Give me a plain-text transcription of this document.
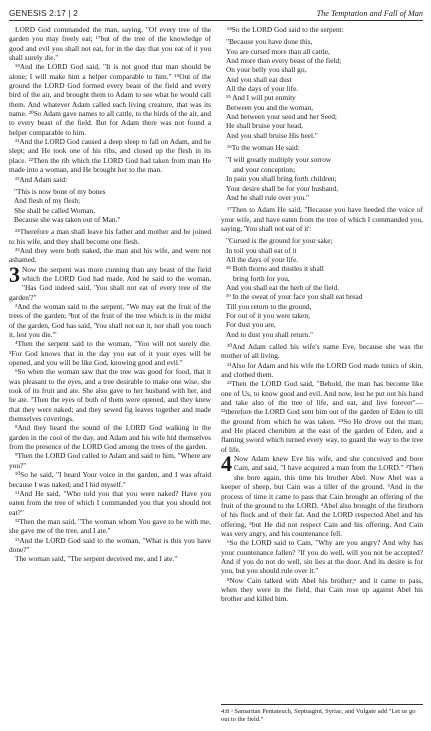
GENESIS 2:17 | 2	The Temptation and Fall of Man

LORD God commanded the man, saying, "Of every tree of the garden you may freely eat; ¹⁷but of the tree of the knowledge of good and evil you shall not eat, for in the day that you eat of it you shall surely die."

¹⁸And the LORD God said, "It is not good that man should be alone; I will make him a helper comparable to him." ¹⁹Out of the ground the LORD God formed every beast of the field and every bird of the air, and brought them to Adam to see what he would call them. And whatever Adam called each living creature, that was its name. ²⁰So Adam gave names to all cattle, to the birds of the air, and to every beast of the field. But for Adam there was not found a helper comparable to him.

²¹And the LORD God caused a deep sleep to fall on Adam, and he slept; and He took one of his ribs, and closed up the flesh in its place. ²²Then the rib which the LORD God had taken from man He made into a woman, and He brought her to the man.

²³And Adam said:

"This is now bone of my bones
And flesh of my flesh;
She shall be called Woman,
Because she was taken out of Man."

²⁴Therefore a man shall leave his father and mother and be joined to his wife, and they shall become one flesh.

²⁵And they were both naked, the man and his wife, and were not ashamed.

3 Now the serpent was more cunning than any beast of the field which the LORD God had made. And he said to the woman, "Has God indeed said, 'You shall not eat of every tree of the garden'?"

²And the woman said to the serpent, "We may eat the fruit of the trees of the garden; ³but of the fruit of the tree which is in the midst of the garden, God has said, 'You shall not eat it, nor shall you touch it, lest you die.'"

⁴Then the serpent said to the woman, "You will not surely die. ⁵For God knows that in the day you eat of it your eyes will be opened, and you will be like God, knowing good and evil."

⁶So when the woman saw that the tree was good for food, that it was pleasant to the eyes, and a tree desirable to make one wise, she took of its fruit and ate. She also gave to her husband with her, and he ate. ⁷Then the eyes of both of them were opened, and they knew that they were naked; and they sewed fig leaves together and made themselves coverings.

⁸And they heard the sound of the LORD God walking in the garden in the cool of the day, and Adam and his wife hid themselves from the presence of the LORD God among the trees of the garden.

⁹Then the LORD God called to Adam and said to him, "Where are you?"

¹⁰So he said, "I heard Your voice in the garden, and I was afraid because I was naked; and I hid myself."

¹¹And He said, "Who told you that you were naked? Have you eaten from the tree of which I commanded you that you should not eat?"

¹²Then the man said, "The woman whom You gave to be with me, she gave me of the tree, and I ate."

¹³And the LORD God said to the woman, "What is this you have done?"

The woman said, "The serpent deceived me, and I ate."

¹⁴So the LORD God said to the serpent:

"Because you have done this,
You are cursed more than all cattle,
And more than every beast of the field;
On your belly you shall go,
And you shall eat dust
All the days of your life.
¹⁵ And I will put enmity
Between you and the woman,
And between your seed and her Seed;
He shall bruise your head,
And you shall bruise His heel."

¹⁶To the woman He said:

"I will greatly multiply your sorrow
and your conception;
In pain you shall bring forth children;
Your desire shall be for your husband,
And he shall rule over you."

¹⁷Then to Adam He said, "Because you have heeded the voice of your wife, and have eaten from the tree of which I commanded you, saying, 'You shall not eat of it':

"Cursed is the ground for your sake;
In toil you shall eat of it
All the days of your life.
¹⁸ Both thorns and thistles it shall
bring forth for you,
And you shall eat the herb of the field.
¹⁹ In the sweat of your face you shall eat bread
Till you return to the ground,
For out of it you were taken;
For dust you are,
And to dust you shall return."

²⁰And Adam called his wife's name Eve, because she was the mother of all living.

²¹Also for Adam and his wife the LORD God made tunics of skin, and clothed them.

²²Then the LORD God said, "Behold, the man has become like one of Us, to know good and evil. And now, lest he put out his hand and take also of the tree of life, and eat, and live forever"— ²³therefore the LORD God sent him out of the garden of Eden to till the ground from which he was taken. ²⁴So He drove out the man; and He placed cherubim at the east of the garden of Eden, and a flaming sword which turned every way, to guard the way to the tree of life.

4 Now Adam knew Eve his wife, and she conceived and bore Cain, and said, "I have acquired a man from the LORD." ²Then she bore again, this time his brother Abel. Now Abel was a keeper of sheep, but Cain was a tiller of the ground. ³And in the process of time it came to pass that Cain brought an offering of the fruit of the ground to the LORD. ⁴Abel also brought of the firstborn of his flock and of their fat. And the LORD respected Abel and his offering, ⁵but He did not respect Cain and his offering. And Cain was very angry, and his countenance fell.

⁶So the LORD said to Cain, "Why are you angry? And why has your countenance fallen? ⁷If you do well, will you not be accepted? And if you do not do well, sin lies at the door. And its desire is for you, but you should rule over it."

⁸Now Cain talked with Abel his brother;ᵃ and it came to pass, when they were in the field, that Cain rose up against Abel his brother and killed him.

4:8 ᵃ Samaritan Pentateuch, Septuagint, Syriac, and Vulgate add "Let us go out to the field."
